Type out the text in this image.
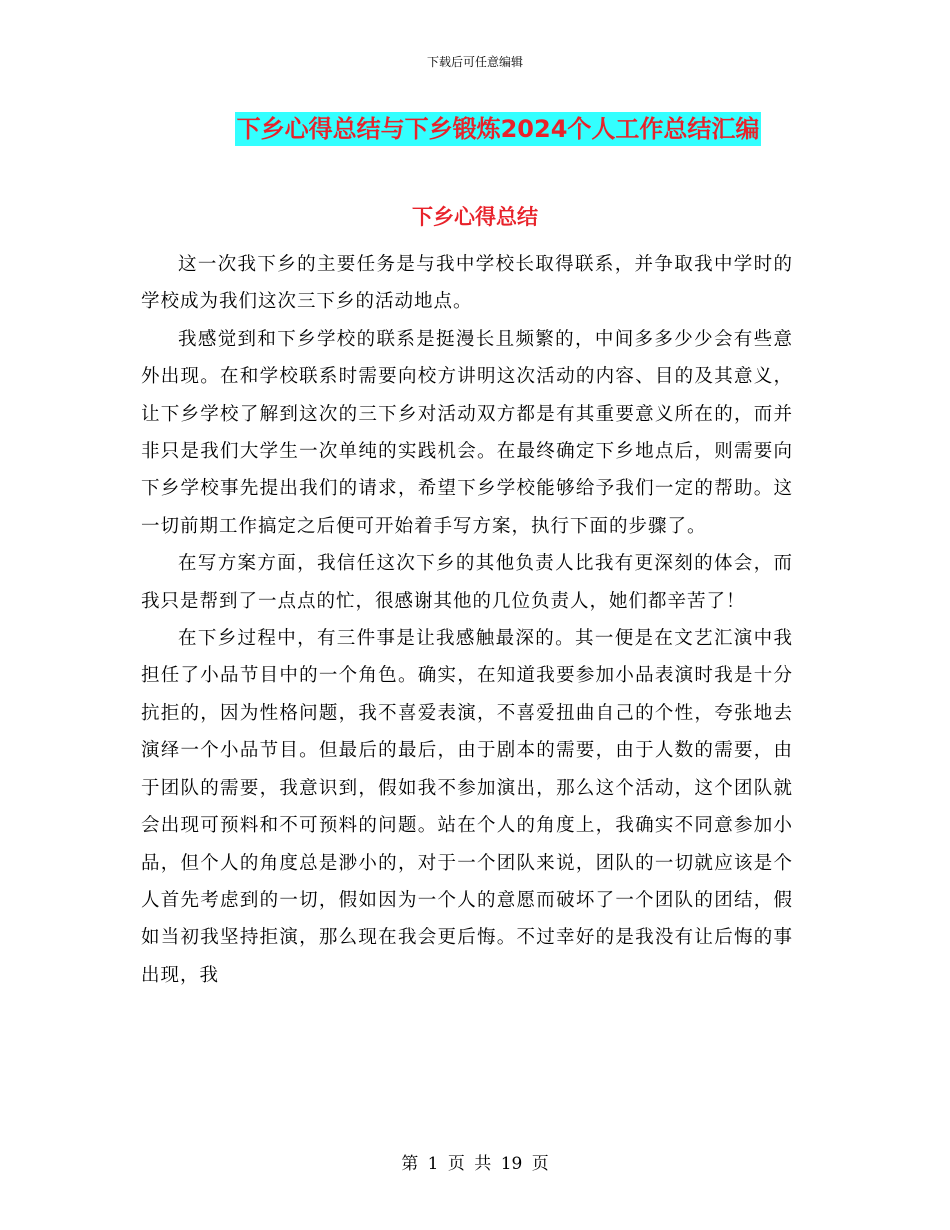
下载后可任意编辑
下乡心得总结与下乡锻炼2024个人工作总结汇编
下乡心得总结

这一次我下乡的主要任务是与我中学校长取得联系，并争取我中学时的学校成为我们这次三下乡的活动地点。

我感觉到和下乡学校的联系是挺漫长且频繁的，中间多多少少会有些意外出现。在和学校联系时需要向校方讲明这次活动的内容、目的及其意义，让下乡学校了解到这次的三下乡对活动双方都是有其重要意义所在的，而并非只是我们大学生一次单纯的实践机会。在最终确定下乡地点后，则需要向下乡学校事先提出我们的请求，希望下乡学校能够给予我们一定的帮助。这一切前期工作搞定之后便可开始着手写方案，执行下面的步骤了。

在写方案方面，我信任这次下乡的其他负责人比我有更深刻的体会，而我只是帮到了一点点的忙，很感谢其他的几位负责人，她们都辛苦了！

在下乡过程中，有三件事是让我感触最深的。其一便是在文艺汇演中我担任了小品节目中的一个角色。确实，在知道我要参加小品表演时我是十分抗拒的，因为性格问题，我不喜爱表演，不喜爱扭曲自己的个性，夸张地去演绎一个小品节目。但最后的最后，由于剧本的需要，由于人数的需要，由于团队的需要，我意识到，假如我不参加演出，那么这个活动，这个团队就会出现可预料和不可预料的问题。站在个人的角度上，我确实不同意参加小品，但个人的角度总是渺小的，对于一个团队来说，团队的一切就应该是个人首先考虑到的一切，假如因为一个人的意愿而破坏了一个团队的团结，假如当初我坚持拒演，那么现在我会更后悔。不过幸好的是我没有让后悔的事出现，我

第 1 页 共 19 页
